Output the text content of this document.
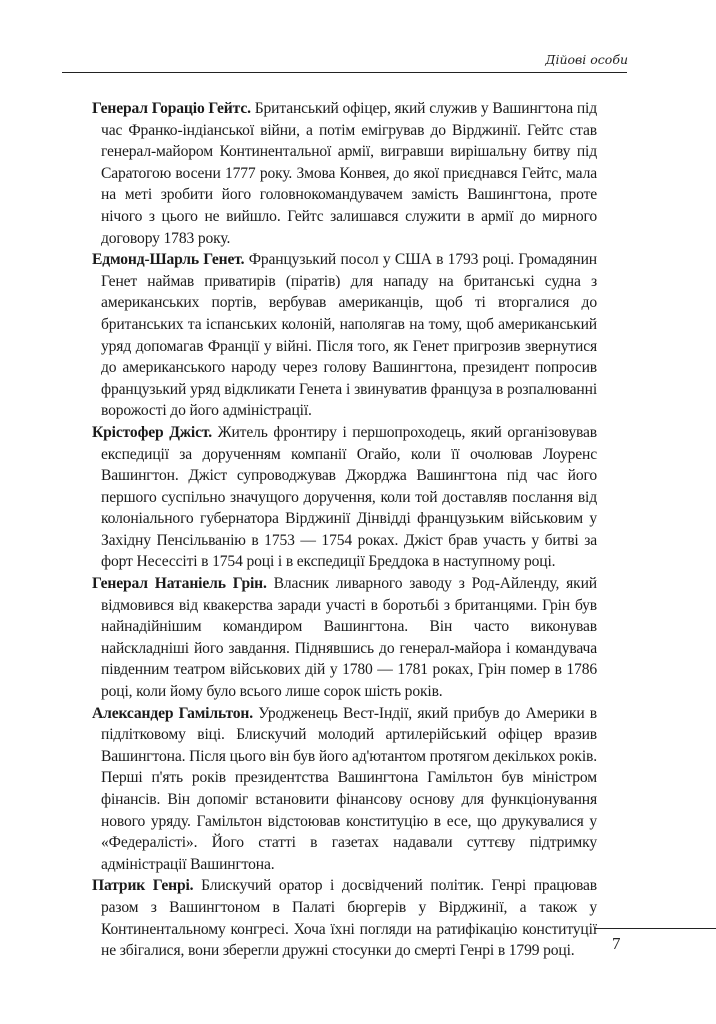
Дійові особи

Генерал Гораціо Гейтс. Британський офіцер, який служив у Вашингтона під час Франко-індіанської війни, а потім емігрував до Вірджинії. Гейтс став генерал-майором Континентальної армії, вигравши вирішальну битву під Саратогою восени 1777 року. Змова Конвея, до якої приєднався Гейтс, мала на меті зробити його головнокомандувачем замість Вашингтона, проте нічого з цього не вийшло. Гейтс залишався служити в армії до мирного договору 1783 року.

Едмонд-Шарль Генет. Французький посол у США в 1793 році. Громадянин Генет наймав приватирів (піратів) для нападу на британські судна з американських портів, вербував американців, щоб ті вторгалися до британських та іспанських колоній, наполягав на тому, щоб американський уряд допомагав Франції у війні. Після того, як Генет пригрозив звернутися до американського народу через голову Вашингтона, президент попросив французький уряд відкликати Генета і звинуватив француза в розпалюванні ворожості до його адміністрації.

Крістофер Джіст. Житель фронтиру і першопроходець, який організовував експедиції за дорученням компанії Огайо, коли її очолював Лоуренс Вашингтон. Джіст супроводжував Джорджа Вашингтона під час його першого суспільно значущого доручення, коли той доставляв послання від колоніального губернатора Вірджинії Дінвідді французьким військовим у Західну Пенсільванію в 1753 — 1754 роках. Джіст брав участь у битві за форт Несессіті в 1754 році і в експедиції Бреддока в наступному році.

Генерал Натаніель Грін. Власник ливарного заводу з Род-Айленду, який відмовився від квакерства заради участі в боротьбі з британцями. Грін був найнадійнішим командиром Вашингтона. Він часто виконував найскладніші його завдання. Піднявшись до генерал-майора і командувача південним театром військових дій у 1780 — 1781 роках, Грін помер в 1786 році, коли йому було всього лише сорок шість років.

Александер Гамільтон. Уродженець Вест-Індії, який прибув до Америки в підлітковому віці. Блискучий молодий артилерійський офіцер вразив Вашингтона. Після цього він був його ад'ютантом протягом декількох років. Перші п'ять років президентства Вашингтона Гамільтон був міністром фінансів. Він допоміг встановити фінансову основу для функціонування нового уряду. Гамільтон відстоював конституцію в есе, що друкувалися у «Федералісті». Його статті в газетах надавали суттєву підтримку адміністрації Вашингтона.

Патрик Генрі. Блискучий оратор і досвідчений політик. Генрі працював разом з Вашингтоном в Палаті бюргерів у Вірджинії, а також у Континентальному конгресі. Хоча їхні погляди на ратифікацію конституції не збігалися, вони зберегли дружні стосунки до смерті Генрі в 1799 році.	7
